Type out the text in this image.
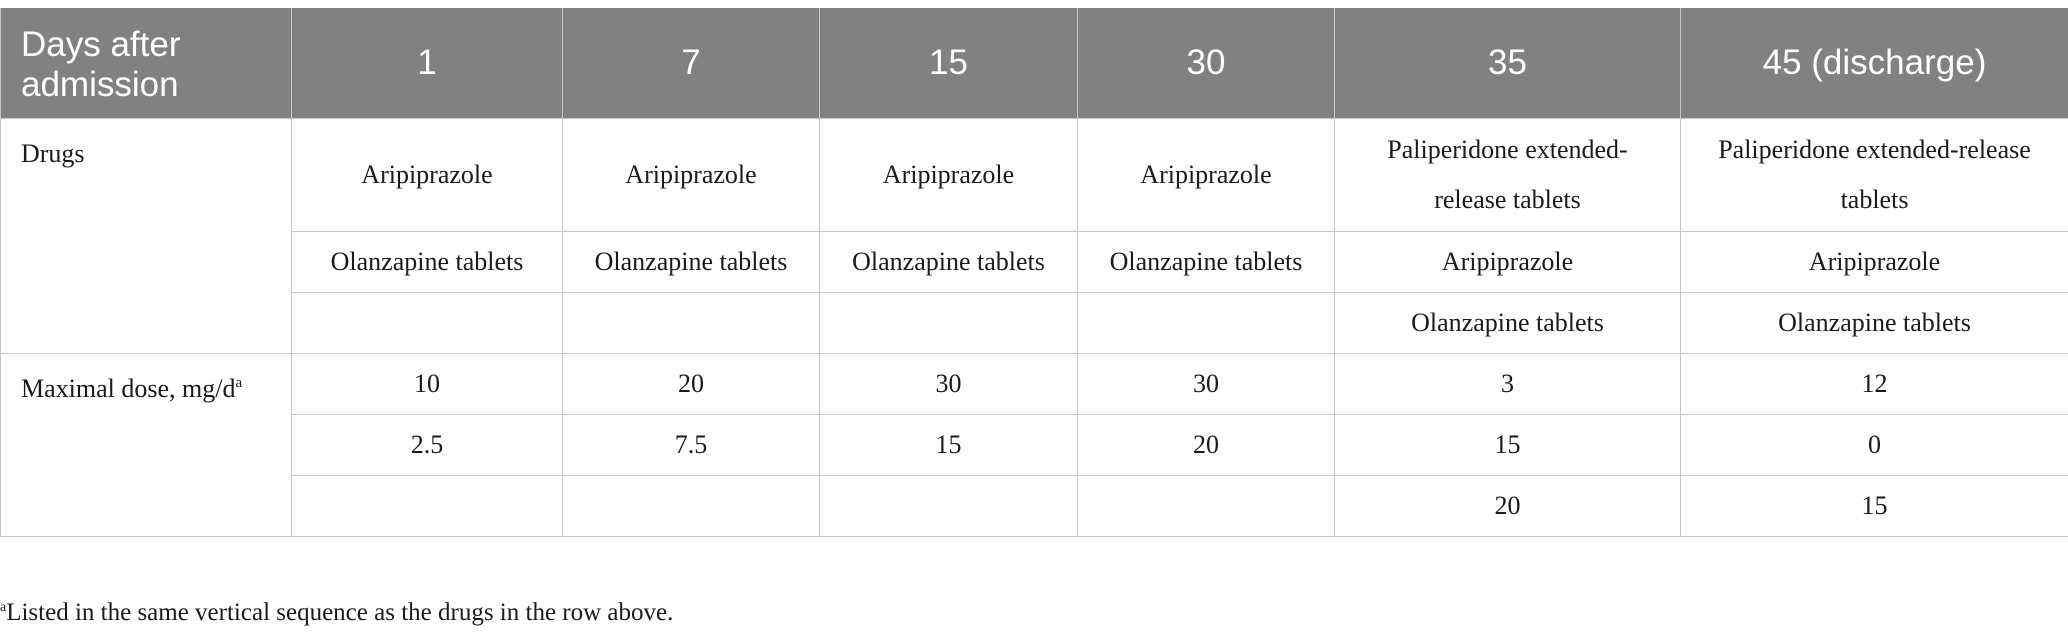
Days after admission	1	7	15	30	35	45 (discharge)
Drugs	Aripiprazole	Aripiprazole	Aripiprazole	Aripiprazole	Paliperidone extended-release tablets	Paliperidone extended-release tablets
	Olanzapine tablets	Olanzapine tablets	Olanzapine tablets	Olanzapine tablets	Aripiprazole	Aripiprazole
					Olanzapine tablets	Olanzapine tablets
Maximal dose, mg/d$^a$	10	20	30	30	3	12
	2.5	7.5	15	20	15	0
					20	15
$^a$Listed in the same vertical sequence as the drugs in the row above.
